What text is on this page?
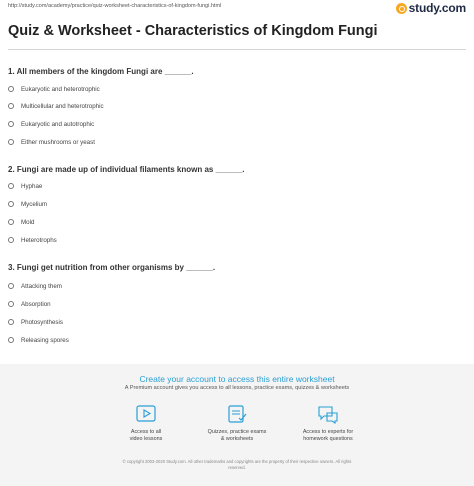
http://study.com/academy/practice/quiz-worksheet-characteristics-of-kingdom-fungi.html	study.com
Quiz & Worksheet - Characteristics of Kingdom Fungi
1. All members of the kingdom Fungi are ______.
Eukaryotic and heterotrophic
Multicellular and heterotrophic
Eukaryotic and autotrophic
Either mushrooms or yeast
2. Fungi are made up of individual filaments known as ______.
Hyphae
Mycelium
Mold
Heterotrophs
3. Fungi get nutrition from other organisms by ______.
Attacking them
Absorption
Photosynthesis
Releasing spores
Create your account to access this entire worksheet
A Premium account gives you access to all lessons, practice exams, quizzes & worksheets
Access to all
video lessons
Quizzes, practice exams
& worksheets
Access to experts for
homework questions
© copyright 2003-2020 Study.com. All other trademarks and copyrights are the property of their respective owners. All rights
reserved.
